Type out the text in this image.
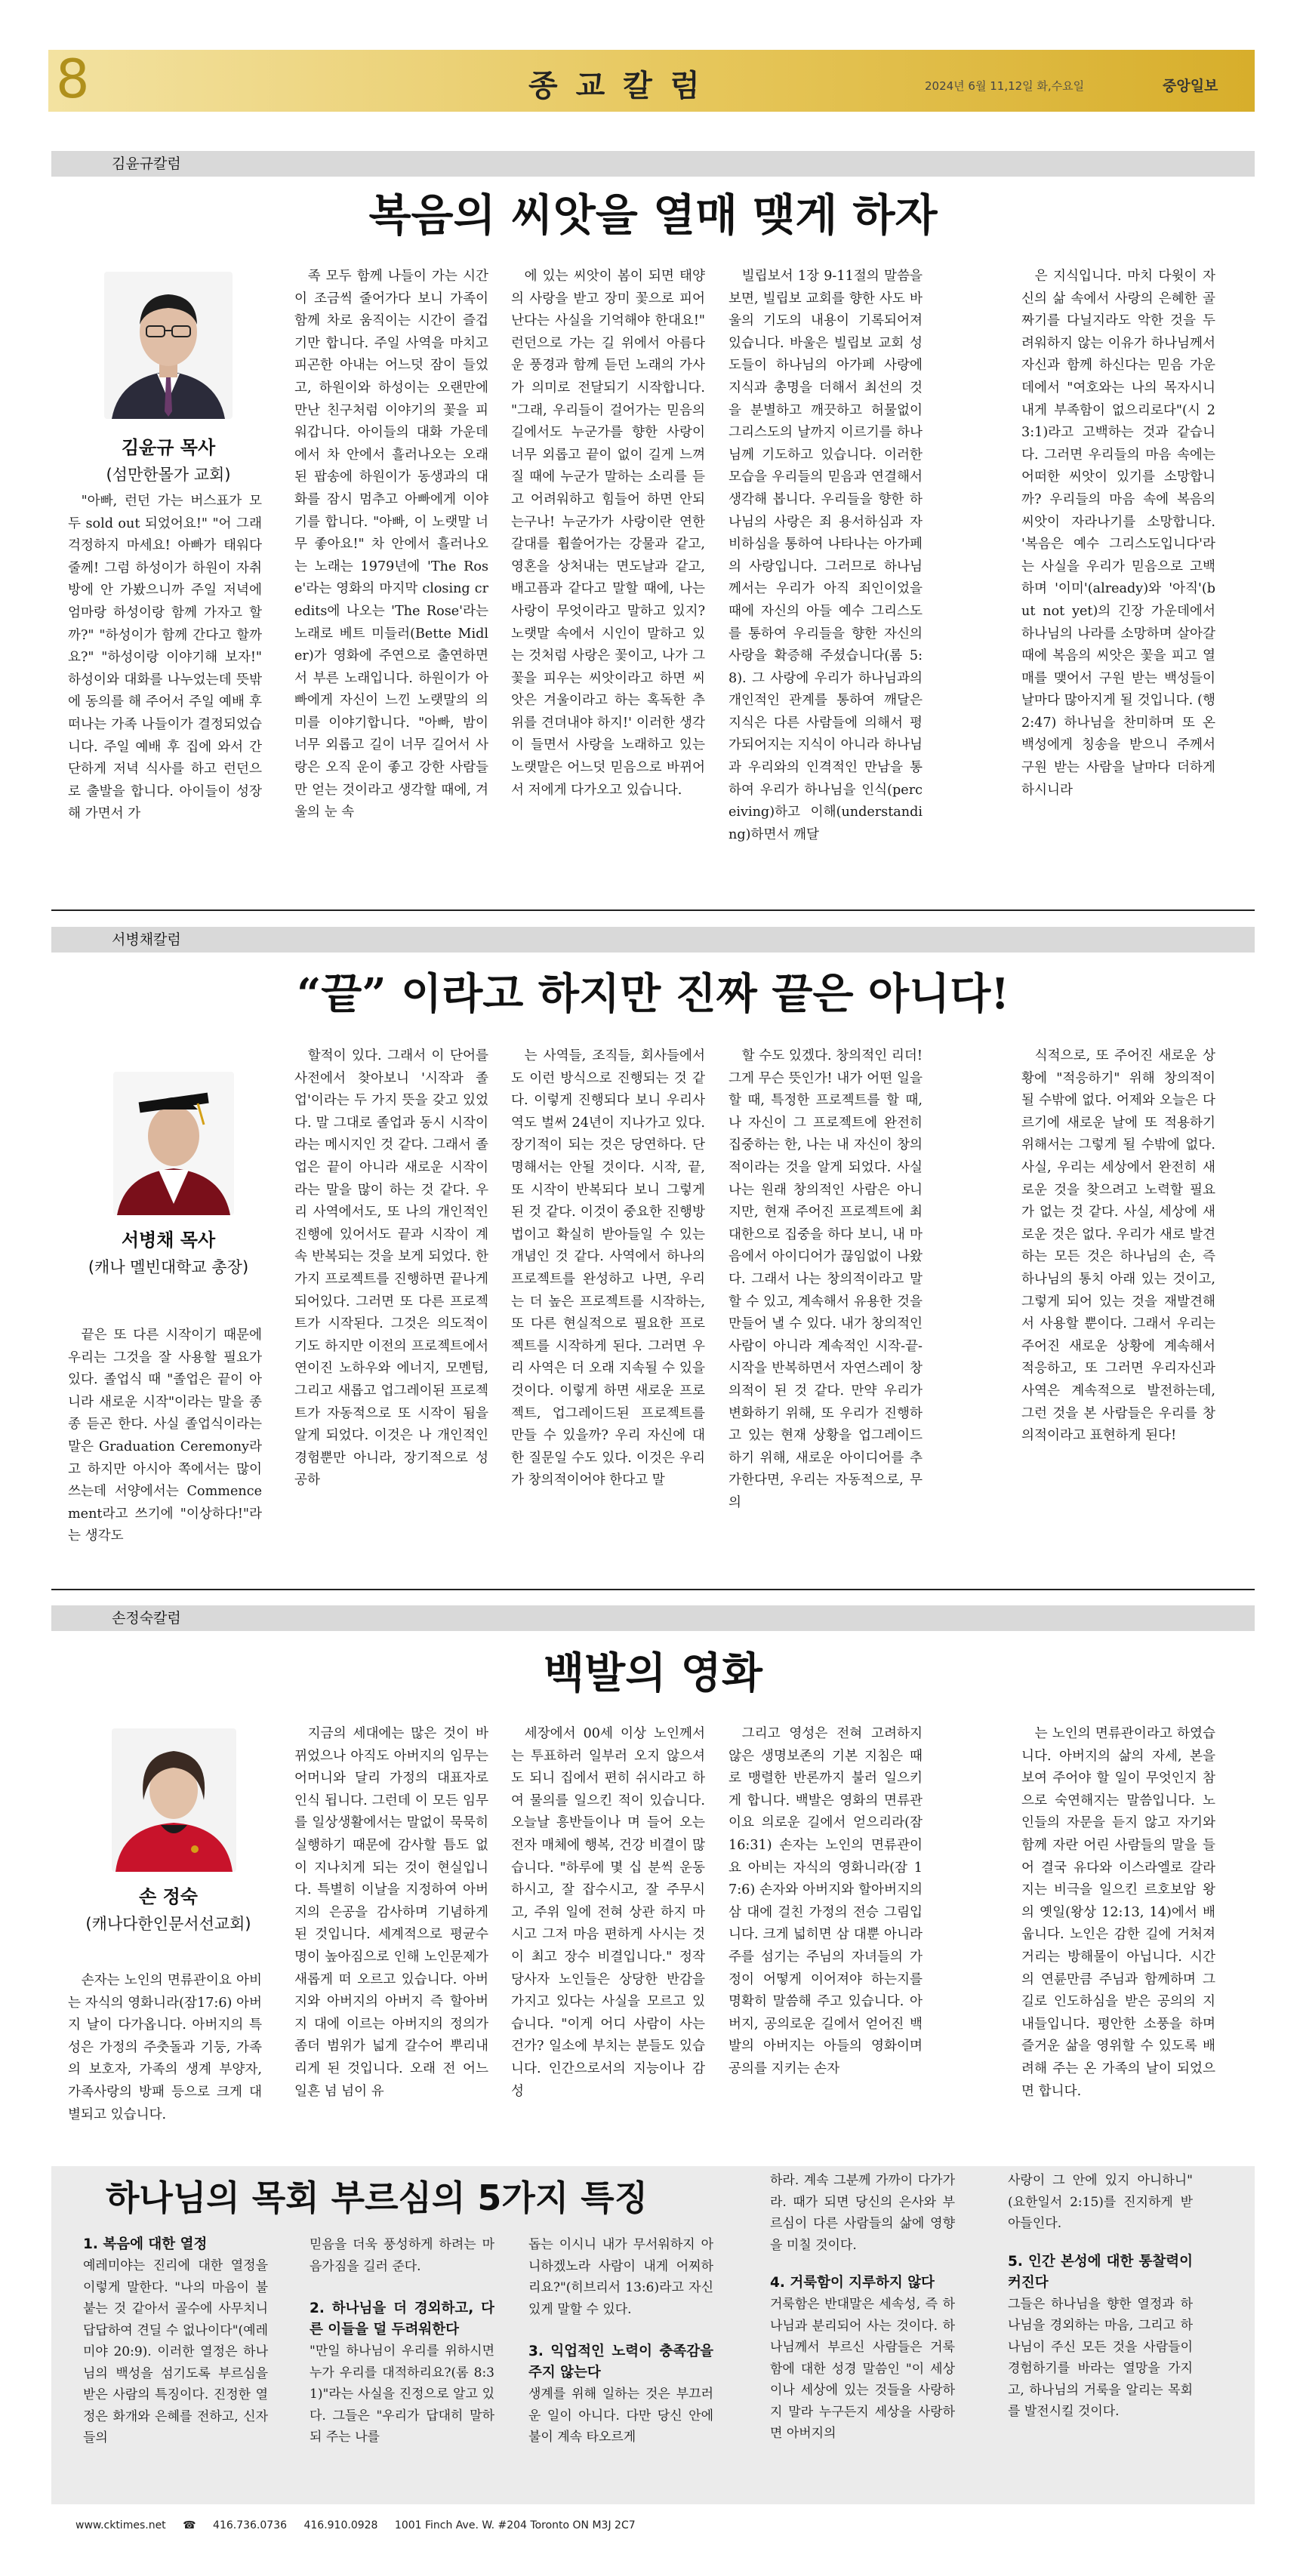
8	종교칼럼	2024년 6월 11,12일 화,수요일	중앙일보
김윤규칼럼
복음의 씨앗을 열매 맺게 하자
김윤규 목사
(섬만한몰가 교회)

"아빠, 런던 가는 버스표가 모두 sold out 되었어요!" "어 그래 걱정하지 마세요! 아빠가 태워다 줄께! 그럼 하성이가 하원이 자취방에 안 가봤으니까 주일 저녁에 엄마랑 하성이랑 함께 가자고 할까?" "하성이가 함께 간다고 할까요?" "하성이랑 이야기해 보자!" 하성이와 대화를 나누었는데 뜻밖에 동의를 해 주어서 주일 예배 후 떠나는 가족 나들이가 결정되었습니다. 주일 예배 후 집에 와서 간단하게 저녁 식사를 하고 런던으로 출발을 합니다. 아이들이 성장해 가면서 가

족 모두 함께 나들이 가는 시간이 조금씩 줄어가다 보니 가족이 함께 차로 움직이는 시간이 즐겁기만 합니다. 주일 사역을 마치고 피곤한 아내는 어느덧 잠이 들었고, 하원이와 하성이는 오랜만에 만난 친구처럼 이야기의 꽃을 피워갑니다. 아이들의 대화 가운데에서 차 안에서 흘러나오는 오래된 팝송에 하원이가 동생과의 대화를 잠시 멈추고 아빠에게 이야기를 합니다. "아빠, 이 노랫말 너무 좋아요!" 차 안에서 흘러나오는 노래는 1979년에 'The Rose'라는 영화의 마지막 closing credits에 나오는 'The Rose'라는 노래로 베트 미들러(Bette Midler)가 영화에 주연으로 출연하면서 부른 노래입니다. 하원이가 아빠에게 자신이 느낀 노랫말의 의미를 이야기합니다. "아빠, 밤이 너무 외롭고 길이 너무 길어서 사랑은 오직 운이 좋고 강한 사람들만 얻는 것이라고 생각할 때에, 겨울의 눈 속

에 있는 씨앗이 봄이 되면 태양의 사랑을 받고 장미 꽃으로 피어난다는 사실을 기억해야 한대요!" 런던으로 가는 길 위에서 아름다운 풍경과 함께 듣던 노래의 가사가 의미로 전달되기 시작합니다. "그래, 우리들이 걸어가는 믿음의 길에서도 누군가를 향한 사랑이 너무 외롭고 끝이 없이 길게 느껴질 때에 누군가 말하는 소리를 듣고 어려워하고 힘들어 하면 안되는구나! 누군가가 사랑이란 연한 갈대를 휩쓸어가는 강물과 같고, 영혼을 상처내는 면도날과 같고, 배고픔과 같다고 말할 때에, 나는 사랑이 무엇이라고 말하고 있지? 노랫말 속에서 시인이 말하고 있는 것처럼 사랑은 꽃이고, 나가 그 꽃을 피우는 씨앗이라고 하면 씨앗은 겨울이라고 하는 혹독한 추위를 견뎌내야 하지!' 이러한 생각이 들면서 사랑을 노래하고 있는 노랫말은 어느덧 믿음으로 바뀌어서 저에게 다가오고 있습니다.

빌립보서 1장 9-11절의 말씀을 보면, 빌립보 교회를 향한 사도 바울의 기도의 내용이 기록되어져 있습니다. 바울은 빌립보 교회 성도들이 하나님의 아가페 사랑에 지식과 총명을 더해서 최선의 것을 분별하고 깨끗하고 허물없이 그리스도의 날까지 이르기를 하나님께 기도하고 있습니다. 이러한 모습을 우리들의 믿음과 연결해서 생각해 봅니다. 우리들을 향한 하나님의 사랑은 죄 용서하심과 자비하심을 통하여 나타나는 아가페의 사랑입니다. 그러므로 하나님께서는 우리가 아직 죄인이었을 때에 자신의 아들 예수 그리스도를 통하여 우리들을 향한 자신의 사랑을 확증해 주셨습니다(롬 5:8). 그 사랑에 우리가 하나님과의 개인적인 관계를 통하여 깨달은 지식은 다른 사람들에 의해서 평가되어지는 지식이 아니라 하나님과 우리와의 인격적인 만남을 통하여 우리가 하나님을 인식(perceiving)하고 이해(understanding)하면서 깨달

은 지식입니다. 마치 다윗이 자신의 삶 속에서 사랑의 은혜한 골짜기를 다닐지라도 악한 것을 두려워하지 않는 이유가 하나님께서 자신과 함께 하신다는 믿음 가운데에서 "여호와는 나의 목자시니 내게 부족함이 없으리로다"(시 23:1)라고 고백하는 것과 같습니다. 그러면 우리들의 마음 속에는 어떠한 씨앗이 있기를 소망합니까? 우리들의 마음 속에 복음의 씨앗이 자라나기를 소망합니다. '복음은 예수 그리스도입니다'라는 사실을 우리가 믿음으로 고백하며 '이미'(already)와 '아직'(but not yet)의 긴장 가운데에서 하나님의 나라를 소망하며 살아갈 때에 복음의 씨앗은 꽃을 피고 열매를 맺어서 구원 받는 백성들이 날마다 많아지게 될 것입니다. (행 2:47) 하나님을 찬미하며 또 온 백성에게 칭송을 받으니 주께서 구원 받는 사람을 날마다 더하게 하시니라

서병채칼럼
“끝” 이라고 하지만 진짜 끝은 아니다!
서병채 목사
(캐나 멜빈대학교 총장)

끝은 또 다른 시작이기 때문에 우리는 그것을 잘 사용할 필요가 있다. 졸업식 때 "졸업은 끝이 아니라 새로운 시작"이라는 말을 종종 듣곤 한다. 사실 졸업식이라는 말은 Graduation Ceremony라고 하지만 아시아 쪽에서는 많이 쓰는데 서양에서는 Commencement라고 쓰기에 "이상하다!"라는 생각도

할적이 있다. 그래서 이 단어를 사전에서 찾아보니 '시작과 졸업'이라는 두 가지 뜻을 갖고 있었다. 말 그대로 졸업과 동시 시작이라는 메시지인 것 같다. 그래서 졸업은 끝이 아니라 새로운 시작이라는 말을 많이 하는 것 같다. 우리 사역에서도, 또 나의 개인적인 진행에 있어서도 끝과 시작이 계속 반복되는 것을 보게 되었다. 한가지 프로젝트를 진행하면 끝나게 되어있다. 그러면 또 다른 프로젝트가 시작된다. 그것은 의도적이기도 하지만 이전의 프로젝트에서 연이진 노하우와 에너지, 모멘텀, 그리고 새롭고 업그레이된 프로젝트가 자동적으로 또 시작이 됨을 알게 되었다. 이것은 나 개인적인 경험뿐만 아니라, 장기적으로 성공하

는 사역들, 조직들, 회사들에서도 이런 방식으로 진행되는 것 같다. 이렇게 진행되다 보니 우리사역도 벌써 24년이 지나가고 있다. 장기적이 되는 것은 당연하다. 단명해서는 안될 것이다. 시작, 끝, 또 시작이 반복되다 보니 그렇게 된 것 같다. 이것이 중요한 진행방법이고 확실히 받아들일 수 있는 개념인 것 같다. 사역에서 하나의 프로젝트를 완성하고 나면, 우리는 더 높은 프로젝트를 시작하는, 또 다른 현실적으로 필요한 프로젝트를 시작하게 된다. 그러면 우리 사역은 더 오래 지속될 수 있을 것이다. 이렇게 하면 새로운 프로젝트, 업그레이드된 프로젝트를 만들 수 있을까? 우리 자신에 대한 질문일 수도 있다. 이것은 우리가 창의적이어야 한다고 말

할 수도 있겠다. 창의적인 리더! 그게 무슨 뜻인가! 내가 어떤 일을 할 때, 특정한 프로젝트를 할 때, 나 자신이 그 프로젝트에 완전히 집중하는 한, 나는 내 자신이 창의적이라는 것을 알게 되었다. 사실 나는 원래 창의적인 사람은 아니지만, 현재 주어진 프로젝트에 최대한으로 집중을 하다 보니, 내 마음에서 아이디어가 끊임없이 나왔다. 그래서 나는 창의적이라고 말할 수 있고, 계속해서 유용한 것을 만들어 낼 수 있다. 내가 창의적인 사람이 아니라 계속적인 시작-끝-시작을 반복하면서 자연스레이 창의적이 된 것 같다. 만약 우리가 변화하기 위해, 또 우리가 진행하고 있는 현재 상황을 업그레이드하기 위해, 새로운 아이디어를 추가한다면, 우리는 자동적으로, 무의

식적으로, 또 주어진 새로운 상황에 "적응하기" 위해 창의적이 될 수밖에 없다. 어제와 오늘은 다르기에 새로운 날에 또 적용하기 위해서는 그렇게 될 수밖에 없다. 사실, 우리는 세상에서 완전히 새로운 것을 찾으려고 노력할 필요가 없는 것 같다. 사실, 세상에 새로운 것은 없다. 우리가 새로 발견하는 모든 것은 하나님의 손, 즉 하나님의 통치 아래 있는 것이고, 그렇게 되어 있는 것을 재발견해서 사용할 뿐이다. 그래서 우리는 주어진 새로운 상황에 계속해서 적응하고, 또 그러면 우리자신과 사역은 계속적으로 발전하는데, 그런 것을 본 사람들은 우리를 창의적이라고 표현하게 된다!

손정숙칼럼
백발의 영화
손 정숙
(캐나다한인문서선교회)

손자는 노인의 면류관이요 아비는 자식의 영화니라(잠17:6) 아버지 날이 다가옵니다. 아버지의 특성은 가정의 주춧돌과 기둥, 가족의 보호자, 가족의 생계 부양자, 가족사랑의 방패 등으로 크게 대별되고 있습니다.

지금의 세대에는 많은 것이 바뀌었으나 아직도 아버지의 임무는 어머니와 달리 가정의 대표자로 인식 됩니다. 그런데 이 모든 임무를 일상생활에서는 말없이 묵묵히 실행하기 때문에 감사할 틈도 없이 지나치게 되는 것이 현실입니다. 특별히 이날을 지정하여 아버지의 은공을 감사하며 기념하게 된 것입니다. 세계적으로 평균수명이 높아짐으로 인해 노인문제가 새롭게 떠 오르고 있습니다. 아버지와 아버지의 아버지 즉 할아버지 대에 이르는 아버지의 정의가 좀더 범위가 넓게 갈수어 뿌리내리게 된 것입니다. 오래 전 어느 일흔 넘 넘이 유

세장에서 00세 이상 노인께서는 투표하러 일부러 오지 않으셔도 되니 집에서 편히 쉬시라고 하여 물의를 일으킨 적이 있습니다. 오늘날 흥반들이나 며 들어 오는 전자 매체에 행복, 건강 비결이 많습니다. "하루에 몇 십 분씩 운동하시고, 잘 잡수시고, 잘 주무시고, 주위 일에 전혀 상관 하지 마시고 그저 마음 편하게 사시는 것이 최고 장수 비결입니다." 정작 당사자 노인들은 상당한 반감을 가지고 있다는 사실을 모르고 있습니다. "이게 어디 사람이 사는 건가? 일소에 부치는 분들도 있습니다. 인간으로서의 지능이나 감성

그리고 영성은 전혀 고려하지 않은 생명보존의 기본 지침은 때로 맹렬한 반론까지 불러 일으키게 합니다. 백발은 영화의 면류관이요 의로운 길에서 얻으리라(잠 16:31) 손자는 노인의 면류관이요 아비는 자식의 영화니라(잠 17:6) 손자와 아버지와 할아버지의 삼 대에 걸친 가정의 전승 그림입니다. 크게 넓히면 삼 대뿐 아니라 주를 섬기는 주님의 자녀들의 가정이 어떻게 이어져야 하는지를 명확히 말씀해 주고 있습니다. 아버지, 공의로운 길에서 얻어진 백발의 아버지는 아들의 영화이며 공의를 지키는 손자

는 노인의 면류관이라고 하였습니다. 아버지의 삶의 자세, 본을 보여 주어야 할 일이 무엇인지 참으로 숙연해지는 말씀입니다. 노인들의 자문을 듣지 않고 자기와 함께 자란 어린 사람들의 말을 들어 결국 유다와 이스라엘로 갈라지는 비극을 일으킨 르호보암 왕의 옛일(왕상 12:13, 14)에서 배웁니다. 노인은 감한 길에 거처져 거리는 방해물이 아닙니다. 시간의 연륜만큼 주님과 함께하며 그 길로 인도하심을 받은 공의의 지내들입니다. 평안한 소풍을 하며 즐거운 삶을 영위할 수 있도록 배려해 주는 온 가족의 날이 되었으면 합니다.

하나님의 목회 부르심의 5가지 특징
1. 복음에 대한 열정

예레미야는 진리에 대한 열정을 이렇게 말한다. "나의 마음이 불붙는 것 같아서 골수에 사무치니 답답하여 견딜 수 없나이다"(예레미야 20:9). 이러한 열정은 하나님의 백성을 섬기도록 부르심을 받은 사람의 특징이다. 진정한 열정은 화개와 은혜를 전하고, 신자들의

믿음을 더욱 풍성하게 하려는 마음가짐을 길러 준다.

2. 하나님을 더 경외하고, 다른 이들을 덜 두려워한다

"만일 하나님이 우리를 위하시면 누가 우리를 대적하리요?(롬 8:31)"라는 사실을 진정으로 알고 있다. 그들은 "우리가 답대히 말하되 주는 나를

돕는 이시니 내가 무서워하지 아니하겠노라 사람이 내게 어찌하리요?"(히브리서 13:6)라고 자신 있게 말할 수 있다.

3. 익업적인 노력이 충족감을 주지 않는다

생계를 위해 일하는 것은 부끄러운 일이 아니다. 다만 당신 안에 불이 계속 타오르게

하라. 계속 그분께 가까이 다가가라. 때가 되면 당신의 은사와 부르심이 다른 사람들의 삶에 영향을 미칠 것이다.

4. 거룩함이 지루하지 않다

거룩함은 반대말은 세속성, 즉 하나님과 분리되어 사는 것이다. 하나님께서 부르신 사람들은 거룩함에 대한 성경 말씀인 "이 세상이나 세상에 있는 것들을 사랑하지 말라 누구든지 세상을 사랑하면 아버지의

사랑이 그 안에 있지 아니하니"(요한일서 2:15)를 진지하게 받아들인다.

5. 인간 본성에 대한 통찰력이 커진다

그들은 하나님을 향한 열정과 하나님을 경외하는 마음, 그리고 하나님이 주신 모든 것을 사람들이 경험하기를 바라는 열망을 가지고, 하나님의 거룩을 알리는 목회를 발전시킬 것이다.

www.cktimes.net ☎ 416.736.0736 416.910.0928 1001 Finch Ave. W. #204 Toronto ON M3J 2C7
